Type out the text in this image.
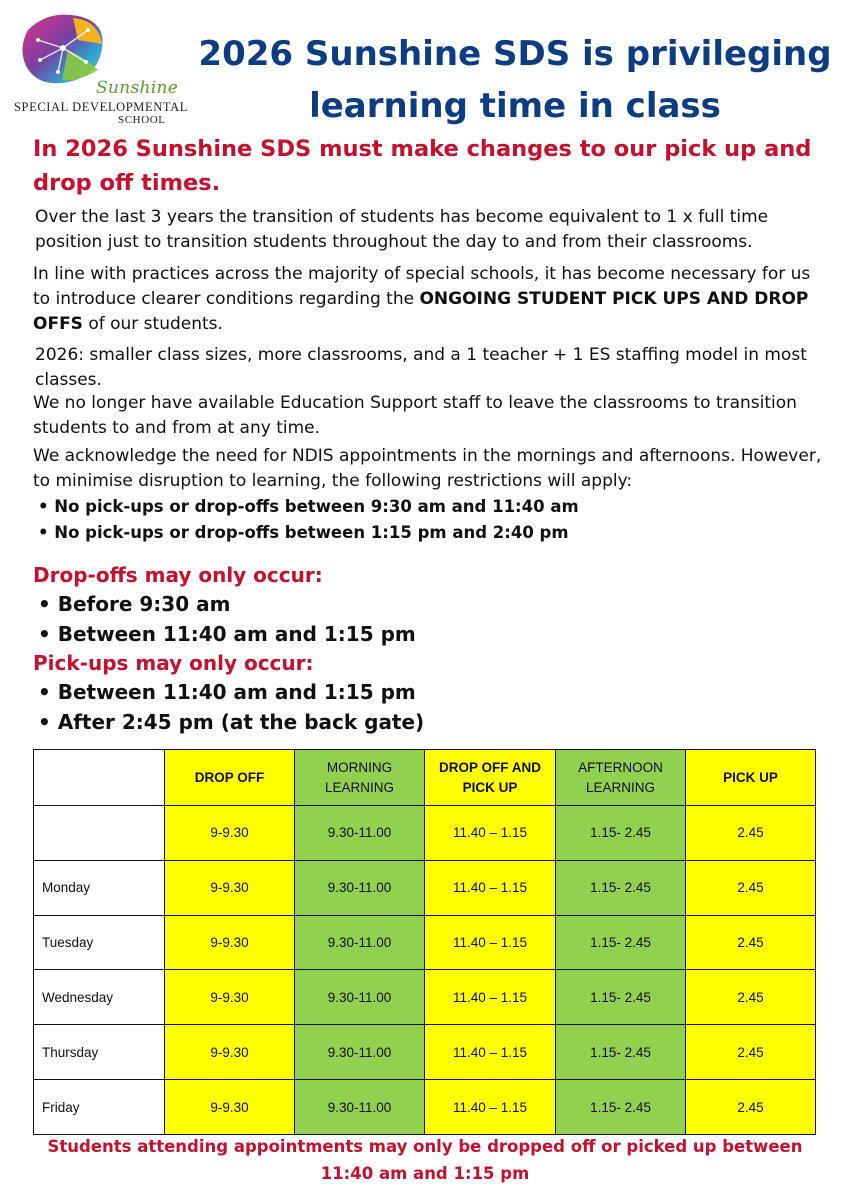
Sunshine
SPECIAL DEVELOPMENTAL
SCHOOL
2026 Sunshine SDS is privileging learning time in class
In 2026 Sunshine SDS must make changes to our pick up and drop off times.
Over the last 3 years the transition of students has become equivalent to 1 x full time position just to transition students throughout the day to and from their classrooms.
In line with practices across the majority of special schools, it has become necessary for us to introduce clearer conditions regarding the ONGOING STUDENT PICK UPS AND DROP OFFS of our students.
2026: smaller class sizes, more classrooms, and a 1 teacher + 1 ES staffing model in most classes.
We no longer have available Education Support staff to leave the classrooms to transition students to and from at any time.
We acknowledge the need for NDIS appointments in the mornings and afternoons. However, to minimise disruption to learning, the following restrictions will apply:
• No pick-ups or drop-offs between 9:30 am and 11:40 am
• No pick-ups or drop-offs between 1:15 pm and 2:40 pm
Drop-offs may only occur:
• Before 9:30 am
• Between 11:40 am and 1:15 pm
Pick-ups may only occur:
• Between 11:40 am and 1:15 pm
• After 2:45 pm (at the back gate)
	DROP OFF	MORNING LEARNING	DROP OFF AND PICK UP	AFTERNOON LEARNING	PICK UP
	9-9.30	9.30-11.00	11.40 – 1.15	1.15- 2.45	2.45
Monday	9-9.30	9.30-11.00	11.40 – 1.15	1.15- 2.45	2.45
Tuesday	9-9.30	9.30-11.00	11.40 – 1.15	1.15- 2.45	2.45
Wednesday	9-9.30	9.30-11.00	11.40 – 1.15	1.15- 2.45	2.45
Thursday	9-9.30	9.30-11.00	11.40 – 1.15	1.15- 2.45	2.45
Friday	9-9.30	9.30-11.00	11.40 – 1.15	1.15- 2.45	2.45
Students attending appointments may only be dropped off or picked up between 11:40 am and 1:15 pm
